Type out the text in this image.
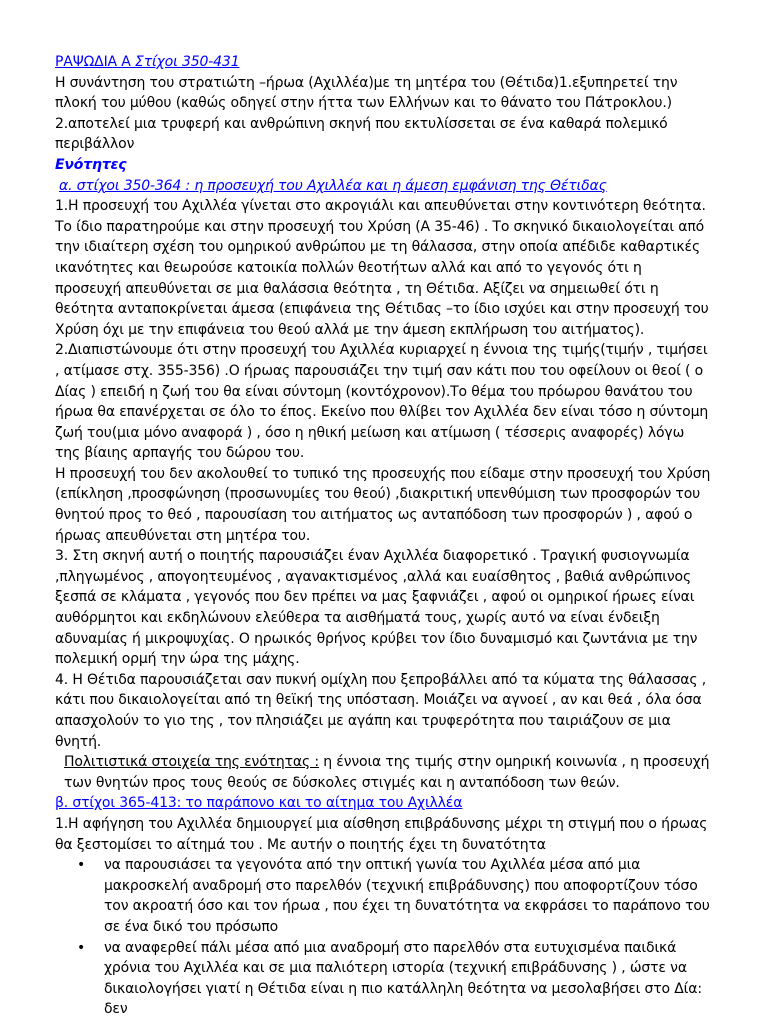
ΡΑΨΩΔΙΑ Α Στίχοι 350-431

Η συνάντηση του στρατιώτη –ήρωα (Αχιλλέα)με τη μητέρα του (Θέτιδα)1.εξυπηρετεί την πλοκή του μύθου (καθώς οδηγεί στην ήττα των Ελλήνων και το θάνατο του Πάτροκλου.) 2.αποτελεί μια τρυφερή και ανθρώπινη σκηνή που εκτυλίσσεται σε ένα καθαρά πολεμικό περιβάλλον

Ενότητες

α. στίχοι 350-364 : η προσευχή του Αχιλλέα και η άμεση εμφάνιση της Θέτιδας

1.Η προσευχή του Αχιλλέα γίνεται στο ακρογιάλι και απευθύνεται στην κοντινότερη θεότητα. Το ίδιο παρατηρούμε και στην προσευχή του Χρύση (Α 35-46) . Το σκηνικό δικαιολογείται από την ιδιαίτερη σχέση του ομηρικού ανθρώπου με τη θάλασσα, στην οποία απέδιδε καθαρτικές ικανότητες και θεωρούσε κατοικία πολλών θεοτήτων αλλά και από το γεγονός ότι η προσευχή απευθύνεται σε μια θαλάσσια θεότητα , τη Θέτιδα. Αξίζει να σημειωθεί ότι η θεότητα ανταποκρίνεται άμεσα (επιφάνεια της Θέτιδας –το ίδιο ισχύει και στην προσευχή του Χρύση όχι με την επιφάνεια του θεού αλλά με την άμεση εκπλήρωση του αιτήματος).

2.Διαπιστώνουμε ότι στην προσευχή του Αχιλλέα κυριαρχεί η έννοια της τιμής(τιμήν , τιμήσει , ατίμασε στχ. 355-356) .Ο ήρωας παρουσιάζει την τιμή σαν κάτι που του οφείλουν οι θεοί ( ο Δίας ) επειδή η ζωή του θα είναι σύντομη (κοντόχρονον).Το θέμα του πρόωρου θανάτου του ήρωα θα επανέρχεται σε όλο το έπος. Εκείνο που θλίβει τον Αχιλλέα δεν είναι τόσο η σύντομη ζωή του(μια μόνο αναφορά ) , όσο η ηθική μείωση και ατίμωση ( τέσσερις αναφορές) λόγω της βίαιης αρπαγής του δώρου του.

Η προσευχή του δεν ακολουθεί το τυπικό της προσευχής που είδαμε στην προσευχή του Χρύση (επίκληση ,προσφώνηση (προσωνυμίες του θεού) ,διακριτική υπενθύμιση των προσφορών του θνητού προς το θεό , παρουσίαση του αιτήματος ως ανταπόδοση των προσφορών ) , αφού ο ήρωας απευθύνεται στη μητέρα του.

3. Στη σκηνή αυτή ο ποιητής παρουσιάζει έναν Αχιλλέα διαφορετικό . Τραγική φυσιογνωμία ,πληγωμένος , απογοητευμένος , αγανακτισμένος ,αλλά και ευαίσθητος , βαθιά ανθρώπινος ξεσπά σε κλάματα , γεγονός που δεν πρέπει να μας ξαφνιάζει , αφού οι ομηρικοί ήρωες είναι αυθόρμητοι και εκδηλώνουν ελεύθερα τα αισθήματά τους, χωρίς αυτό να είναι ένδειξη αδυναμίας ή μικροψυχίας. Ο ηρωικός θρήνος κρύβει τον ίδιο δυναμισμό και ζωντάνια με την πολεμική ορμή την ώρα της μάχης.

4. Η Θέτιδα παρουσιάζεται σαν πυκνή ομίχλη που ξεπροβάλλει από τα κύματα της θάλασσας , κάτι που δικαιολογείται από τη θεϊκή της υπόσταση. Μοιάζει να αγνοεί , αν και θεά , όλα όσα απασχολούν το γιο της , τον πλησιάζει με αγάπη και τρυφερότητα που ταιριάζουν σε μια θνητή.

Πολιτιστικά στοιχεία της ενότητας : η έννοια της τιμής στην ομηρική κοινωνία , η προσευχή των θνητών προς τους θεούς σε δύσκολες στιγμές και η ανταπόδοση των θεών.

β. στίχοι 365-413: το παράπονο και το αίτημα του Αχιλλέα

1.Η αφήγηση του Αχιλλέα δημιουργεί μια αίσθηση επιβράδυνσης μέχρι τη στιγμή που ο ήρωας θα ξεστομίσει το αίτημά του . Με αυτήν ο ποιητής έχει τη δυνατότητα

• να παρουσιάσει τα γεγονότα από την οπτική γωνία του Αχιλλέα μέσα από μια μακροσκελή αναδρομή στο παρελθόν (τεχνική επιβράδυνσης) που αποφορτίζουν τόσο τον ακροατή όσο και τον ήρωα , που έχει τη δυνατότητα να εκφράσει το παράπονο του σε ένα δικό του πρόσωπο
• να αναφερθεί πάλι μέσα από μια αναδρομή στο παρελθόν στα ευτυχισμένα παιδικά χρόνια του Αχιλλέα και σε μια παλιότερη ιστορία (τεχνική επιβράδυνσης ) , ώστε να δικαιολογήσει γιατί η Θέτιδα είναι η πιο κατάλληλη θεότητα να μεσολαβήσει στο Δία: δεν
